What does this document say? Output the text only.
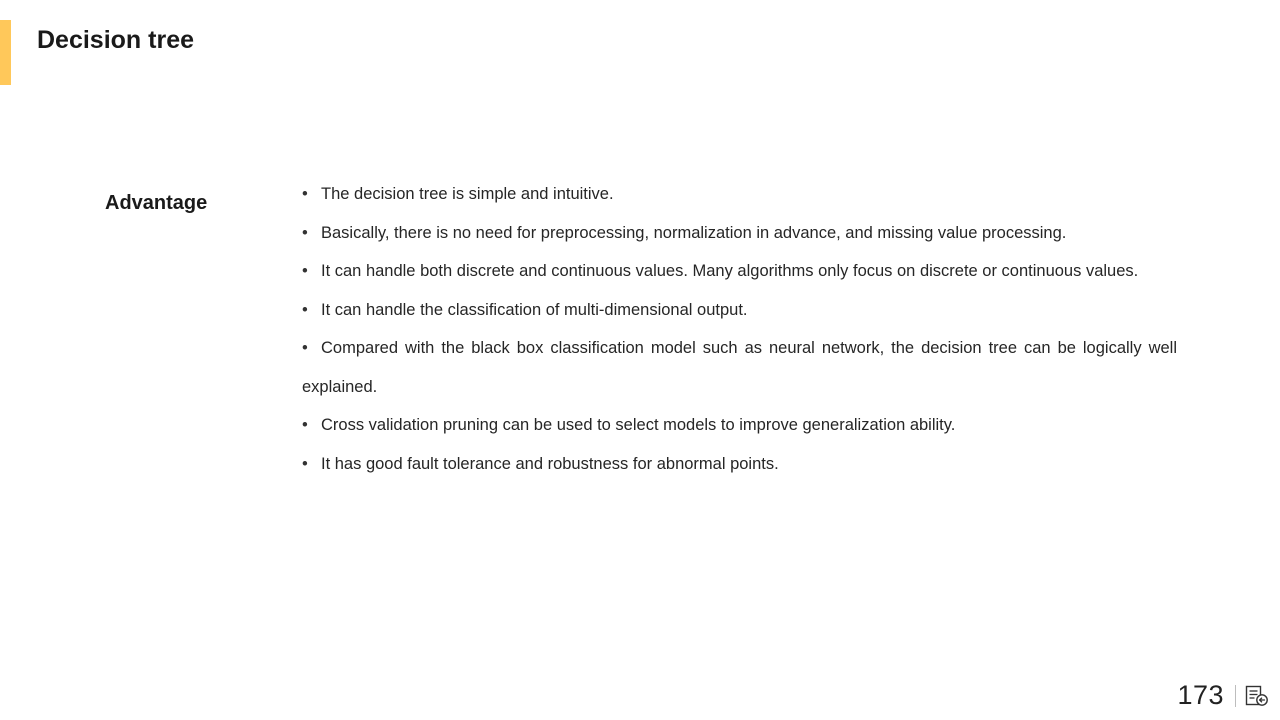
Decision tree
Advantage	• The decision tree is simple and intuitive.
• Basically, there is no need for preprocessing, normalization in advance, and missing value processing.
• It can handle both discrete and continuous values. Many algorithms only focus on discrete or continuous values.
• It can handle the classification of multi-dimensional output.
• Compared with the black box classification model such as neural network, the decision tree can be logically well explained.
• Cross validation pruning can be used to select models to improve generalization ability.
• It has good fault tolerance and robustness for abnormal points.
173
